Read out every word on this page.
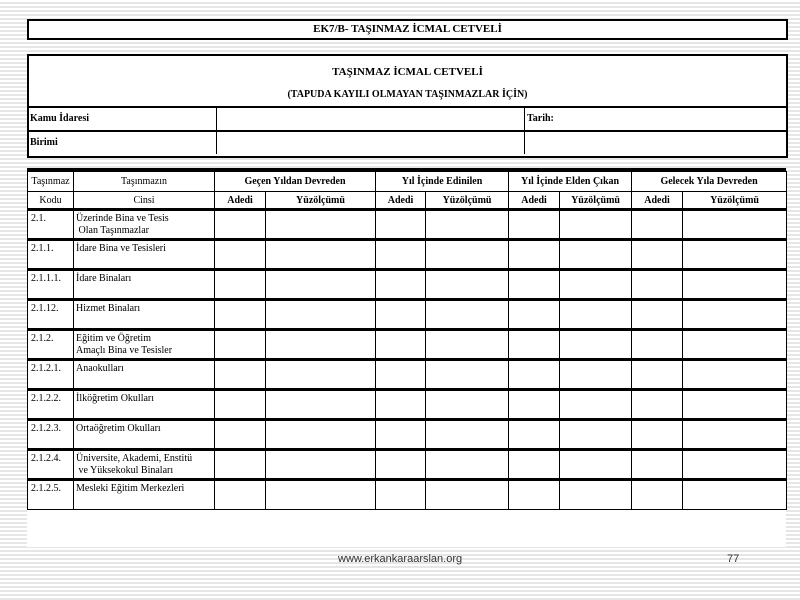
EK7/B- TAŞINMAZ İCMAL CETVELİ
TAŞINMAZ İCMAL CETVELİ
(TAPUDA KAYILI OLMAYAN TAŞINMAZLAR İÇİN)
Kamu İdaresi	Tarih:
Birimi
Taşınmaz	Taşınmazın	Geçen Yıldan Devreden		Yıl İçinde Edinilen		Yıl İçinde Elden Çıkan		Gelecek Yıla Devreden	
Kodu	Cinsi	Adedi	Yüzölçümü	Adedi	Yüzölçümü	Adedi	Yüzölçümü	Adedi	Yüzölçümü
2.1.	Üzerinde Bina ve Tesis
Olan Taşınmazlar								

2.1.1.	İdare Bina ve Tesisleri								

2.1.1.1.	İdare Binaları								

2.1.12.	Hizmet Binaları								

2.1.2.	Eğitim ve Öğretim
Amaçlı Bina ve Tesisler								

2.1.2.1.	Anaokulları								

2.1.2.2.	İlköğretim Okulları								

2.1.2.3.	Ortaöğretim Okulları								

2.1.2.4.	Üniversite, Akademi, Enstitü
ve Yüksekokul Binaları								

2.1.2.5.	Mesleki Eğitim Merkezleri								

www.erkankaraarslan.org	77
